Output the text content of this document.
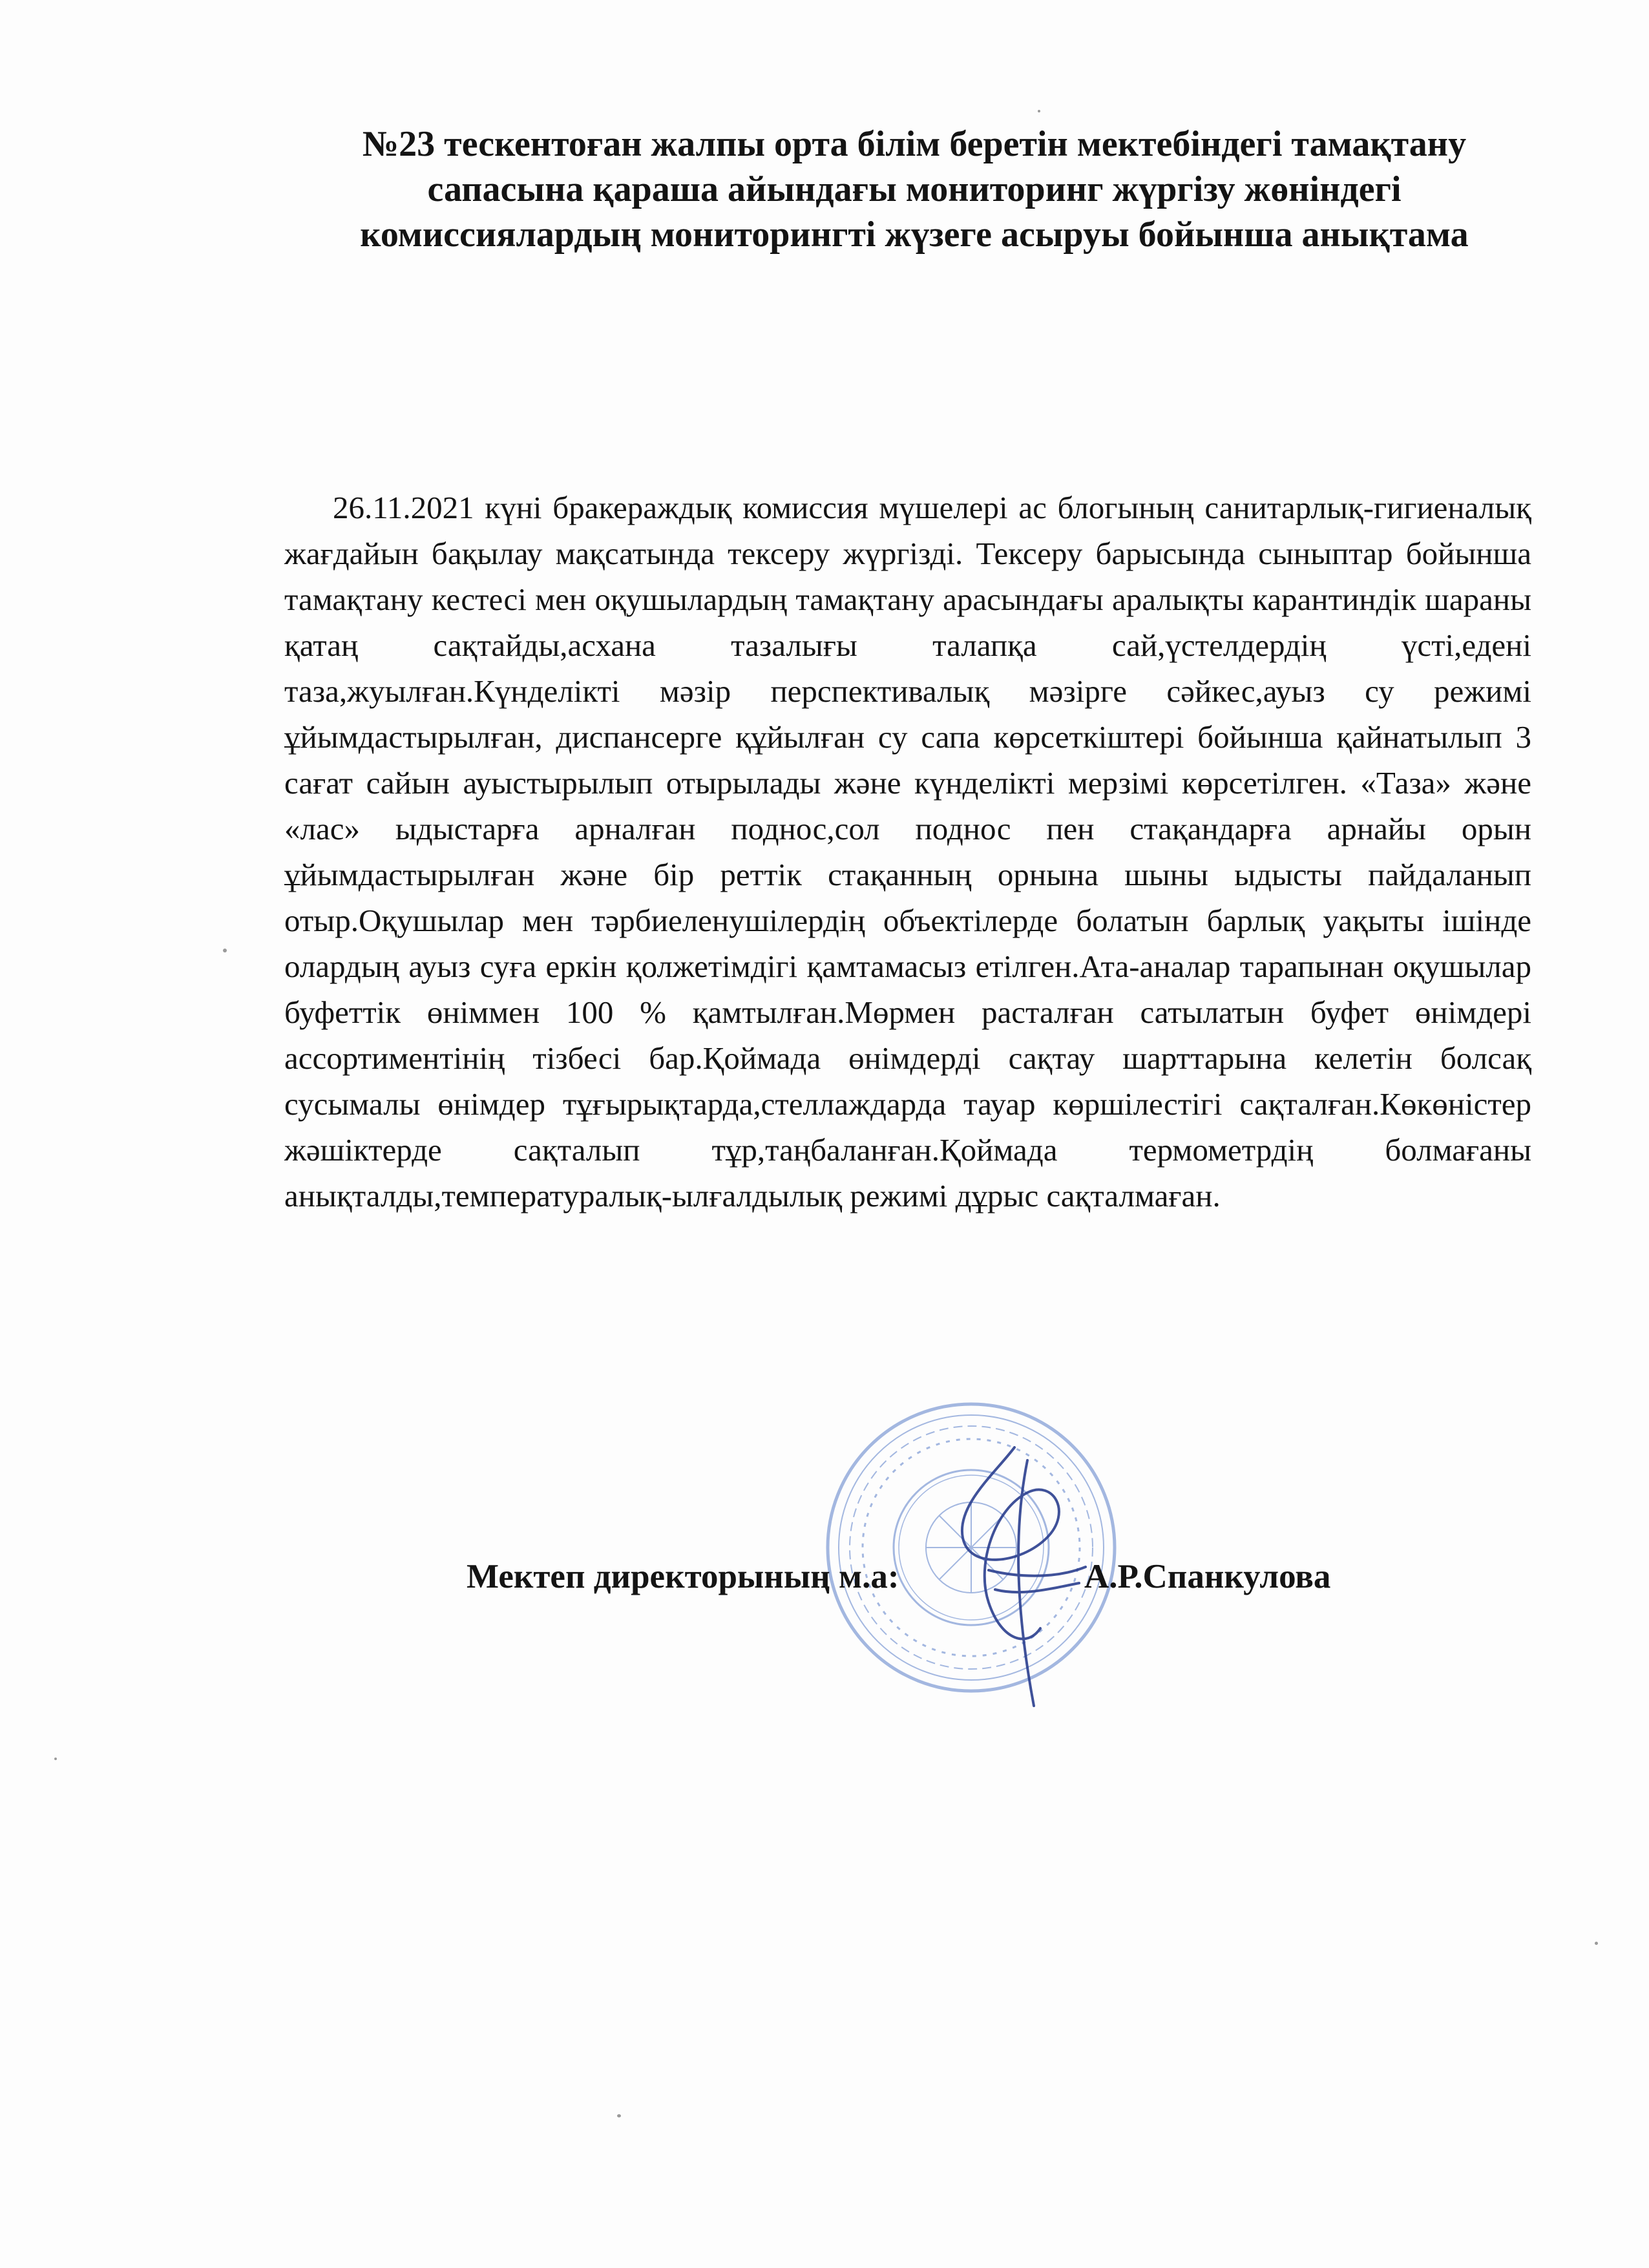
№23 тескентоған жалпы орта білім беретін мектебіндегі тамақтану
сапасына қараша айындағы мониторинг жүргізу жөніндегі
комиссиялардың мониторингті жүзеге асыруы бойынша анықтама

26.11.2021 күні бракераждық комиссия мүшелері ас блогының санитарлық-гигиеналық жағдайын бақылау мақсатында тексеру жүргізді. Тексеру барысында сыныптар бойынша тамақтану кестесі мен оқушылардың тамақтану арасындағы аралықты карантиндік шараны қатаң сақтайды,асхана тазалығы талапқа сай,үстелдердің үсті,едені таза,жуылған.Күнделікті мәзір перспективалық мәзірге сәйкес,ауыз су режимі ұйымдастырылған, диспансерге құйылған су сапа көрсеткіштері бойынша қайнатылып 3 сағат сайын ауыстырылып отырылады және күнделікті мерзімі көрсетілген. «Таза» және «лас» ыдыстарға арналған поднос,сол поднос пен стақандарға арнайы орын ұйымдастырылған және бір реттік стақанның орнына шыны ыдысты пайдаланып отыр.Оқушылар мен тәрбиеленушілердің объектілерде болатын барлық уақыты ішінде олардың ауыз суға еркін қолжетімдігі қамтамасыз етілген.Ата-аналар тарапынан оқушылар буфеттік өніммен 100 % қамтылған.Мөрмен расталған сатылатын буфет өнімдері ассортиментінің тізбесі бар.Қоймада өнімдерді сақтау шарттарына келетін болсақ сусымалы өнімдер тұғырықтарда,стеллаждарда тауар көршілестігі сақталған.Көкөністер жәшіктерде сақталып тұр,таңбаланған.Қоймада термометрдің болмағаны анықталды,температуралық-ылғалдылық режимі дұрыс сақталмаған.

Мектеп директорының м.а:	А.Р.Спанкулова
